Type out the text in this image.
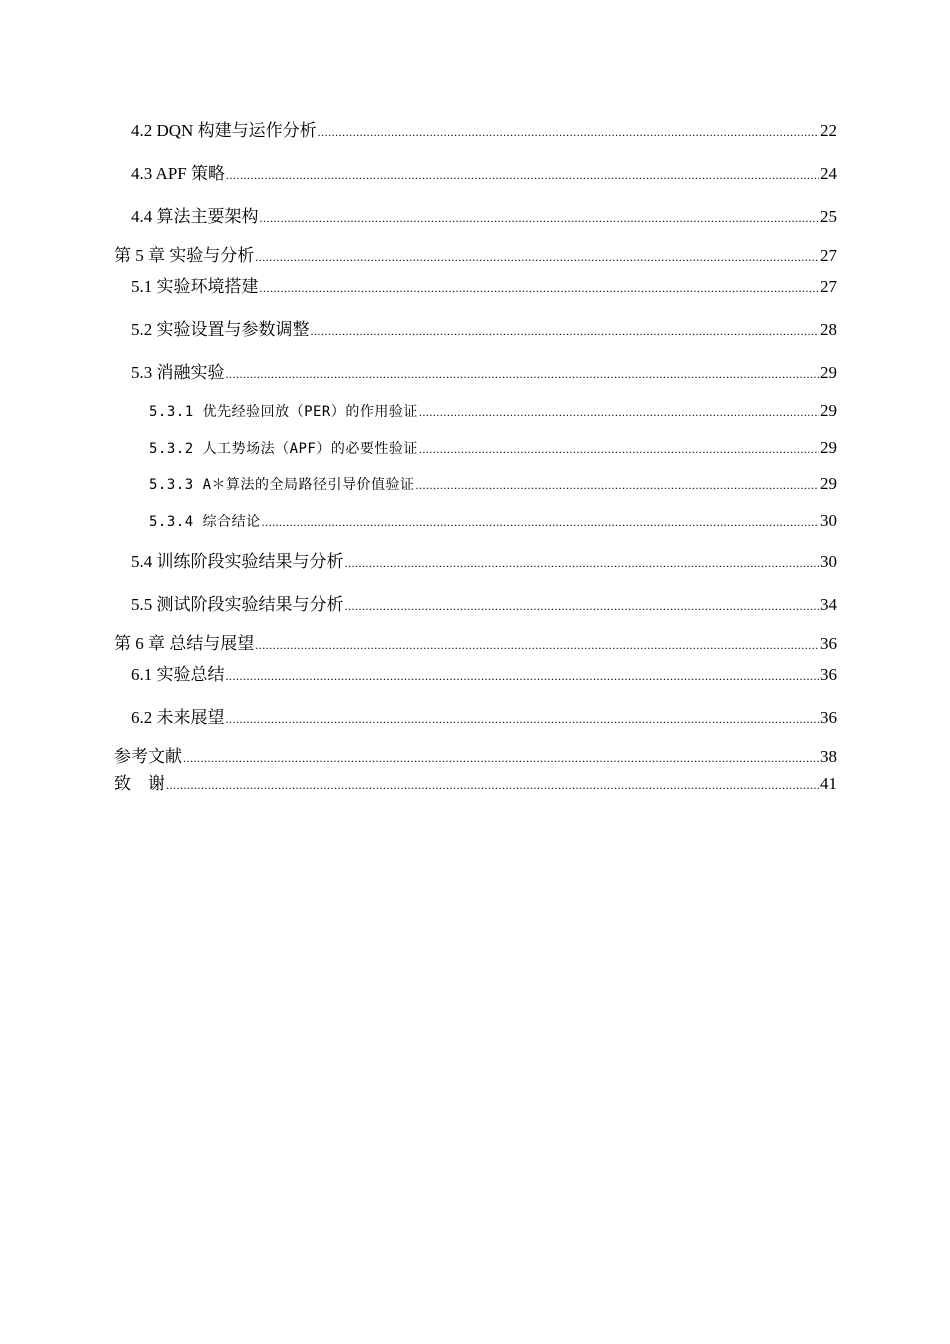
4.2 DQN 构建与运作分析 .....	22
4.3 APF 策略 .....	24
4.4 算法主要架构 .....	25
第 5 章 实验与分析 .....	27
5.1 实验环境搭建 .....	27
5.2 实验设置与参数调整 .....	28
5.3 消融实验 .....	29
5.3.1 优先经验回放（PER）的作用验证 .....	29
5.3.2 人工势场法（APF）的必要性验证 .....	29
5.3.3 A＊算法的全局路径引导价值验证 .....	29
5.3.4 综合结论 .....	30
5.4 训练阶段实验结果与分析 .....	30
5.5 测试阶段实验结果与分析 .....	34
第 6 章 总结与展望 .....	36
6.1 实验总结 .....	36
6.2 未来展望 .....	36
参考文献 .....	38
致    谢 .....	41
